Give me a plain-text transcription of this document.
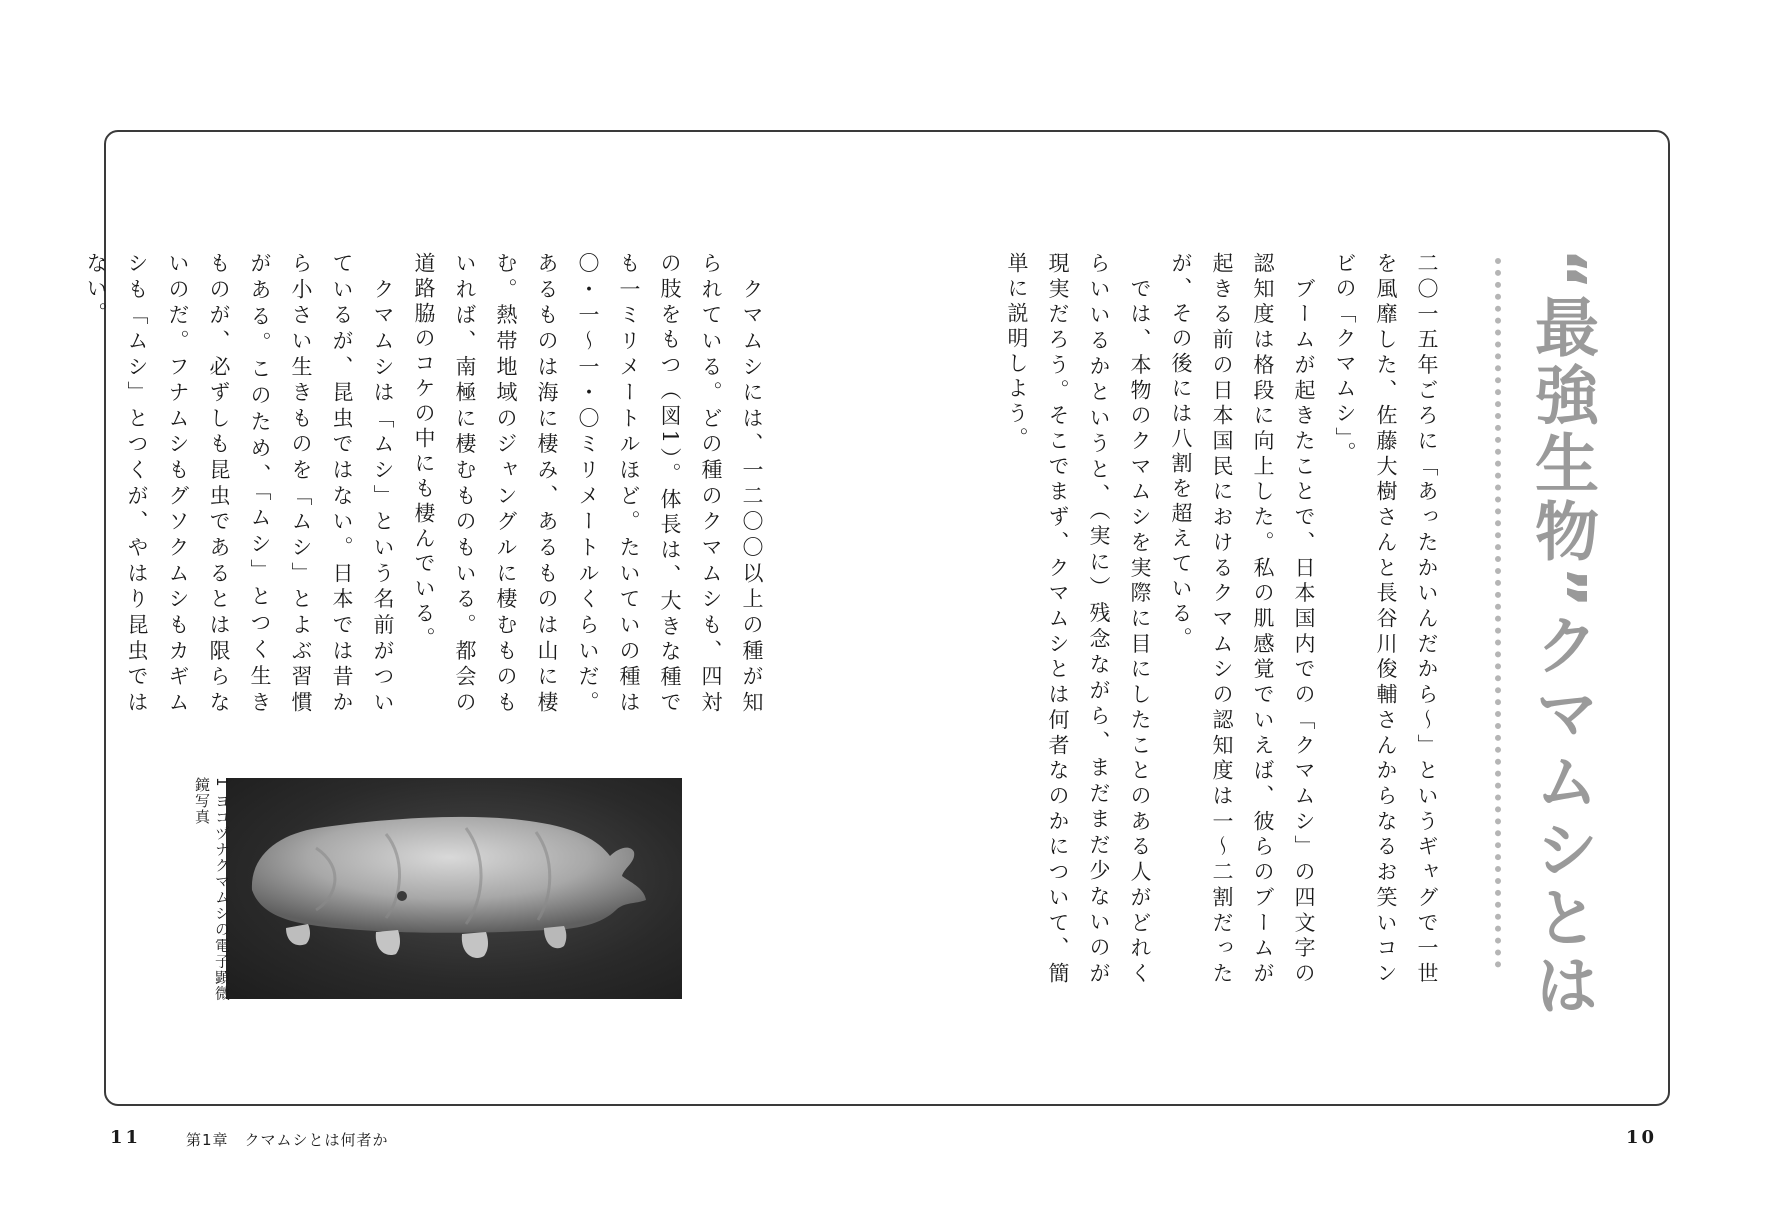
“最強生物”クマムシとは

二〇一五年ごろに「あったかいんだから～」というギャグで一世を風靡した、佐藤大樹さんと長谷川俊輔さんからなるお笑いコンビの「クマムシ」。

　ブームが起きたことで、日本国内での「クマムシ」の四文字の認知度は格段に向上した。私の肌感覚でいえば、彼らのブームが起きる前の日本国民におけるクマムシの認知度は一～二割だったが、その後には八割を超えている。

　では、本物のクマムシを実際に目にしたことのある人がどれくらいいるかというと、（実に）残念ながら、まだまだ少ないのが現実だろう。そこでまず、クマムシとは何者なのかについて、簡単に説明しよう。

　クマムシには、一二〇〇以上の種が知られている。どの種のクマムシも、四対の肢をもつ（図1）。体長は、大きな種でも一ミリメートルほど。たいていの種は〇・一～一・〇ミリメートルくらいだ。あるものは海に棲み、あるものは山に棲む。熱帯地域のジャングルに棲むものもいれば、南極に棲むものもいる。都会の道路脇のコケの中にも棲んでいる。

　クマムシは「ムシ」という名前がついているが、昆虫ではない。日本では昔から小さい生きものを「ムシ」とよぶ習慣がある。このため、「ムシ」とつく生きものが、必ずしも昆虫であるとは限らないのだ。フナムシもグソクムシもカギムシも「ムシ」とつくが、やはり昆虫ではない。

1 ヨコヅナクマムシの電子顕微鏡写真
11	第1章　クマムシとは何者か	10
